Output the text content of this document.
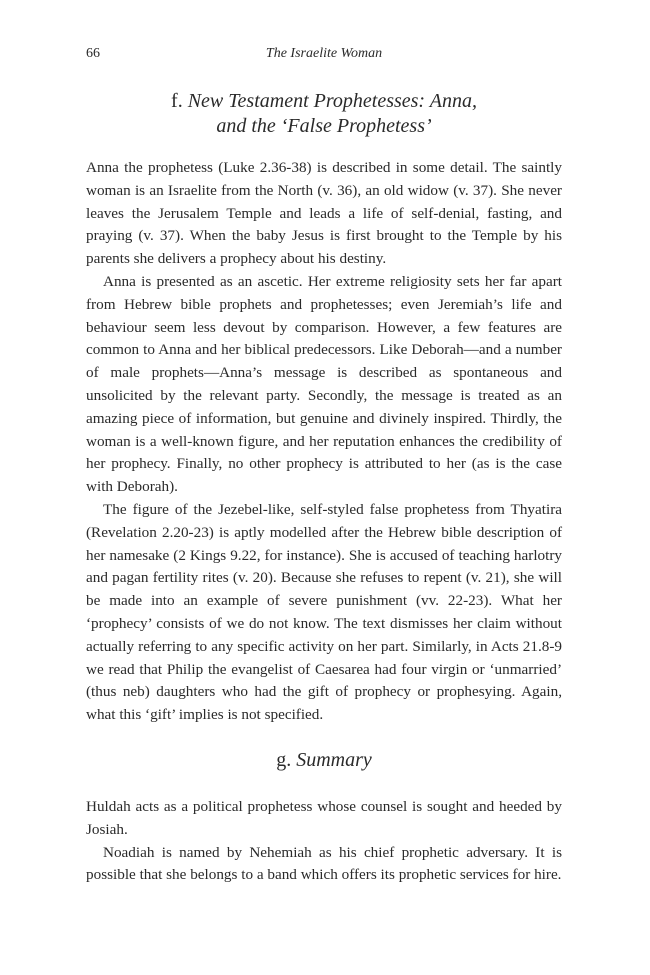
66	The Israelite Woman
f. New Testament Prophetesses: Anna,
and the ‘False Prophetess’

Anna the prophetess (Luke 2.36-38) is described in some detail. The saintly woman is an Israelite from the North (v. 36), an old widow (v. 37). She never leaves the Jerusalem Temple and leads a life of self-denial, fasting, and praying (v. 37). When the baby Jesus is first brought to the Temple by his parents she delivers a prophecy about his destiny.

Anna is presented as an ascetic. Her extreme religiosity sets her far apart from Hebrew bible prophets and prophetesses; even Jeremiah’s life and behaviour seem less devout by comparison. However, a few features are common to Anna and her biblical predecessors. Like Deborah—and a number of male prophets—Anna’s message is described as spontaneous and unsolicited by the relevant party. Secondly, the message is treated as an amazing piece of information, but genuine and divinely inspired. Thirdly, the woman is a well-known figure, and her reputation enhances the credibility of her prophecy. Finally, no other prophecy is attributed to her (as is the case with Deborah).

The figure of the Jezebel-like, self-styled false prophetess from Thyatira (Revelation 2.20-23) is aptly modelled after the Hebrew bible description of her namesake (2 Kings 9.22, for instance). She is accused of teaching harlotry and pagan fertility rites (v. 20). Because she refuses to repent (v. 21), she will be made into an example of severe punishment (vv. 22-23). What her ‘prophecy’ consists of we do not know. The text dismisses her claim without actually referring to any specific activity on her part. Similarly, in Acts 21.8-9 we read that Philip the evangelist of Caesarea had four virgin or ‘unmarried’ (thus neb) daughters who had the gift of prophecy or prophesying. Again, what this ‘gift’ implies is not specified.

g. Summary

Huldah acts as a political prophetess whose counsel is sought and heeded by Josiah.

Noadiah is named by Nehemiah as his chief prophetic adversary. It is possible that she belongs to a band which offers its prophetic services for hire.
